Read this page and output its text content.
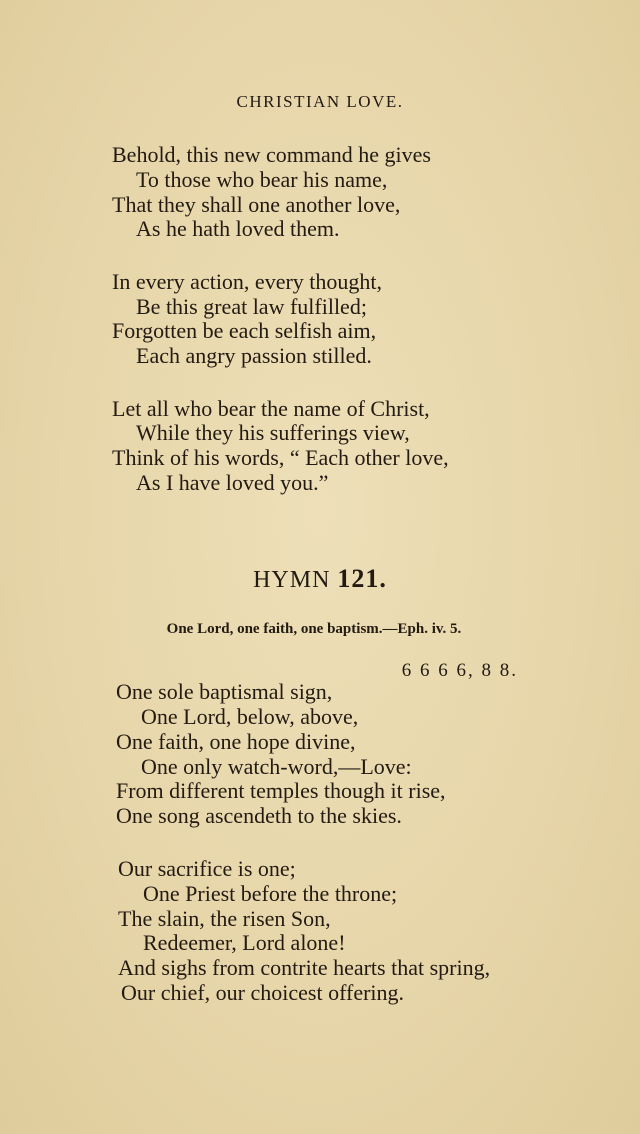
CHRISTIAN LOVE.
Behold, this new command he gives
To those who bear his name,
That they shall one another love,
As he hath loved them.
In every action, every thought,
Be this great law fulfilled;
Forgotten be each selfish aim,
Each angry passion stilled.
Let all who bear the name of Christ,
While they his sufferings view,
Think of his words, “ Each other love,
As I have loved you.”
HYMN 121.
One Lord, one faith, one baptism.—Eph. iv. 5.
6 6 6 6, 8 8.
One sole baptismal sign,
One Lord, below, above,
One faith, one hope divine,
One only watch-word,—Love:
From different temples though it rise,
One song ascendeth to the skies.
Our sacrifice is one;
One Priest before the throne;
The slain, the risen Son,
Redeemer, Lord alone!
And sighs from contrite hearts that spring,
Our chief, our choicest offering.
